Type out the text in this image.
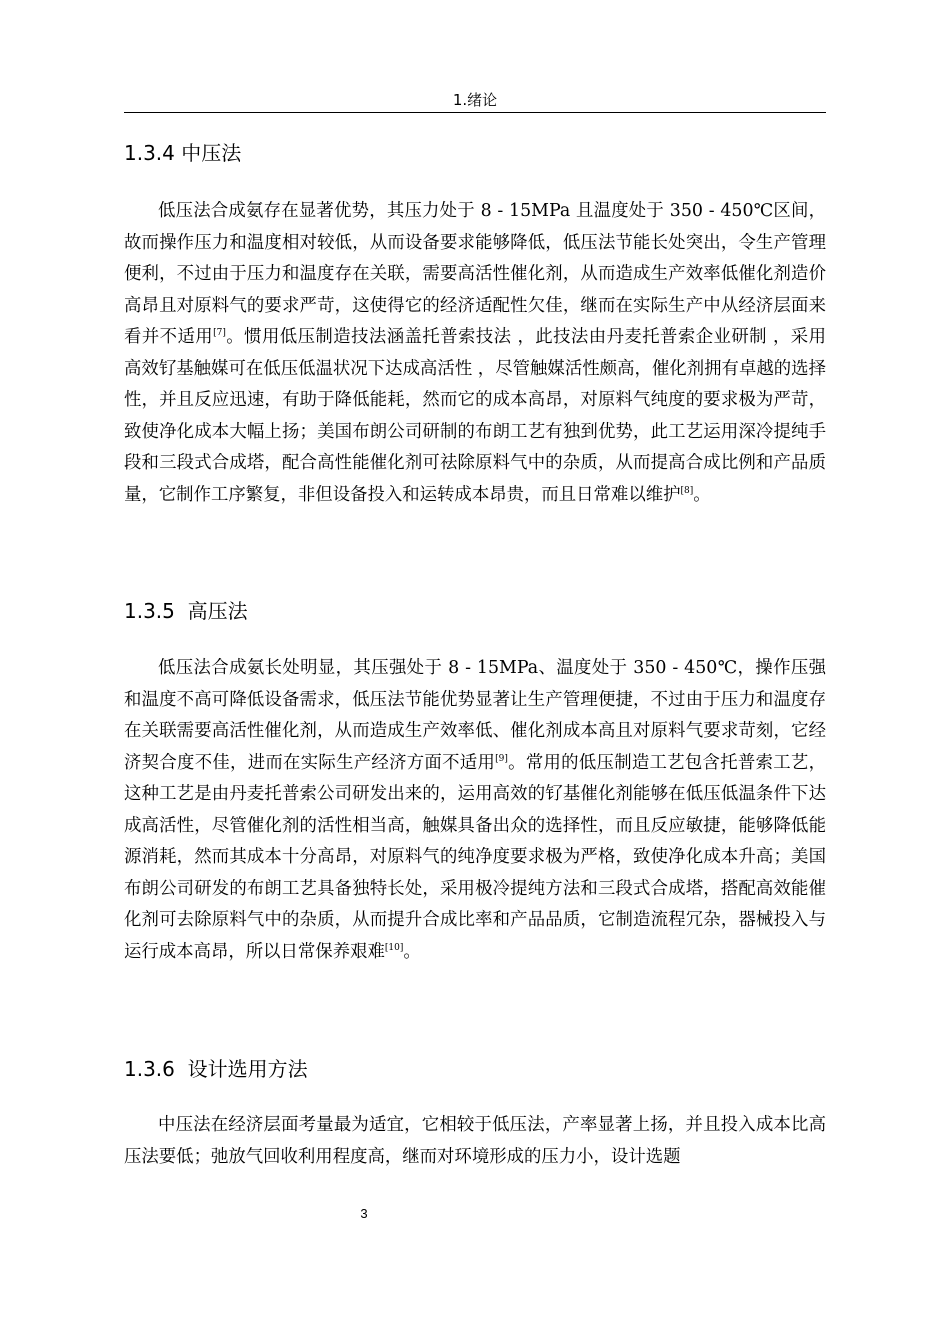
1.绪论
1.3.4 中压法

低压法合成氨存在显著优势，其压力处于 8 - 15MPa 且温度处于 350 - 450℃区间，故而操作压力和温度相对较低，从而设备要求能够降低，低压法节能长处突出，令生产管理便利，不过由于压力和温度存在关联，需要高活性催化剂，从而造成生产效率低催化剂造价高昂且对原料气的要求严苛，这使得它的经济适配性欠佳，继而在实际生产中从经济层面来看并不适用[7]。惯用低压制造技法涵盖托普索技法 ，此技法由丹麦托普索企业研制 ，采用高效钌基触媒可在低压低温状况下达成高活性 ，尽管触媒活性颇高，催化剂拥有卓越的选择性，并且反应迅速，有助于降低能耗，然而它的成本高昂，对原料气纯度的要求极为严苛，致使净化成本大幅上扬；美国布朗公司研制的布朗工艺有独到优势，此工艺运用深冷提纯手段和三段式合成塔，配合高性能催化剂可祛除原料气中的杂质，从而提高合成比例和产品质量，它制作工序繁复，非但设备投入和运转成本昂贵，而且日常难以维护[8]。

1.3.5  高压法

低压法合成氨长处明显，其压强处于 8 - 15MPa、温度处于 350 - 450℃，操作压强和温度不高可降低设备需求，低压法节能优势显著让生产管理便捷，不过由于压力和温度存在关联需要高活性催化剂，从而造成生产效率低、催化剂成本高且对原料气要求苛刻，它经济契合度不佳，进而在实际生产经济方面不适用[9]。常用的低压制造工艺包含托普索工艺，这种工艺是由丹麦托普索公司研发出来的，运用高效的钌基催化剂能够在低压低温条件下达成高活性，尽管催化剂的活性相当高，触媒具备出众的选择性，而且反应敏捷，能够降低能源消耗，然而其成本十分高昂，对原料气的纯净度要求极为严格，致使净化成本升高；美国布朗公司研发的布朗工艺具备独特长处，采用极冷提纯方法和三段式合成塔，搭配高效能催化剂可去除原料气中的杂质，从而提升合成比率和产品品质，它制造流程冗杂，器械投入与运行成本高昂，所以日常保养艰难[10]。

1.3.6  设计选用方法

中压法在经济层面考量最为适宜，它相较于低压法，产率显著上扬，并且投入成本比高压法要低；弛放气回收利用程度高，继而对环境形成的压力小，设计选题

3
